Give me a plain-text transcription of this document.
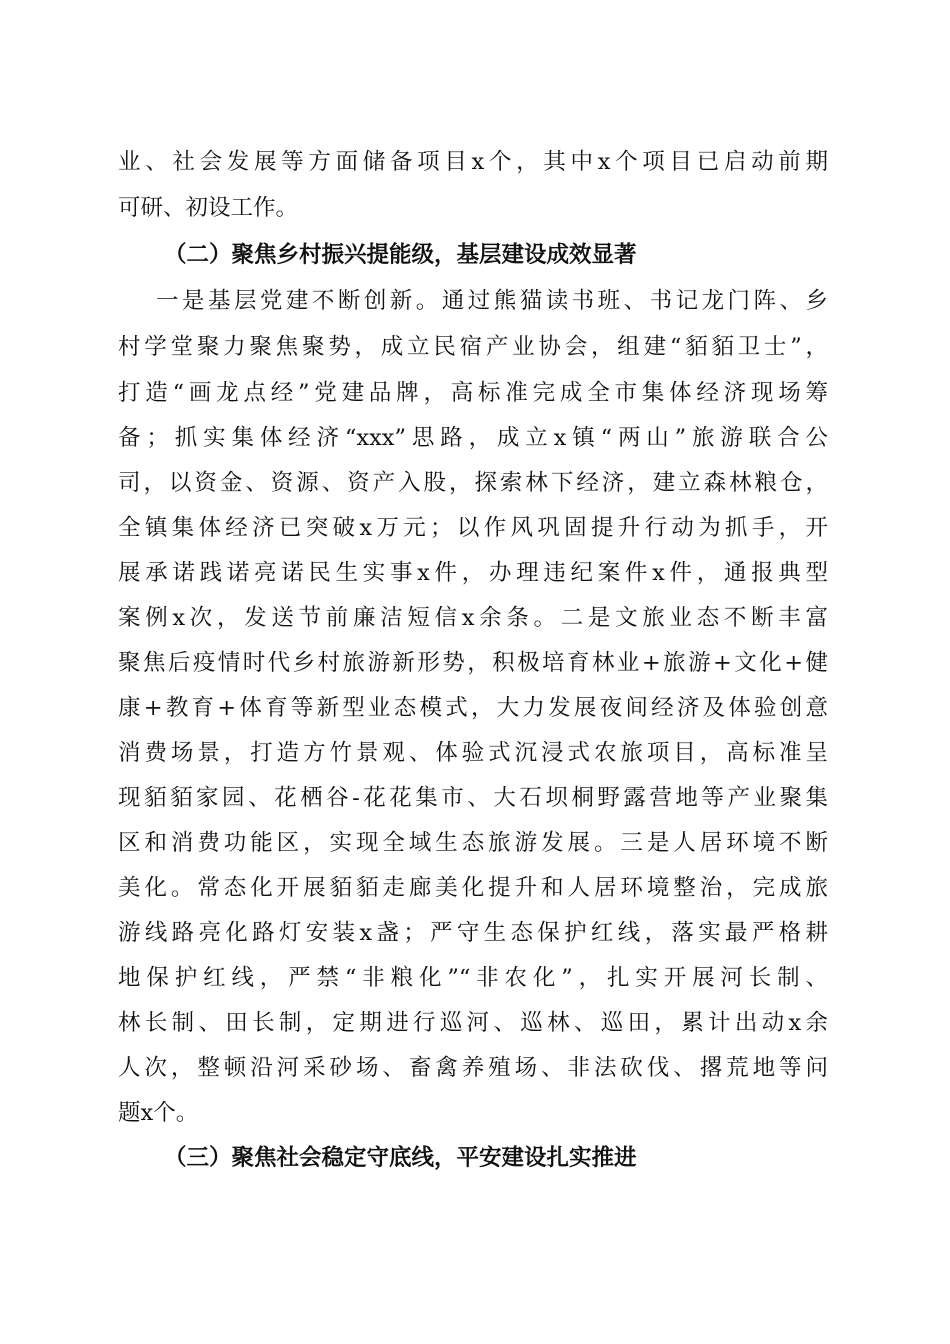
业、社会发展等方面储备项目x个，其中x个项目已启动前期
可研、初设工作。
（二）聚焦乡村振兴提能级，基层建设成效显著
一是基层党建不断创新。通过熊猫读书班、书记龙门阵、乡
村学堂聚力聚焦聚势，成立民宿产业协会，组建“貊貊卫士”，
打造“画龙点经”党建品牌，高标准完成全市集体经济现场筹
备；抓实集体经济“xxx”思路，成立x镇“两山”旅游联合公
司，以资金、资源、资产入股，探索林下经济，建立森林粮仓，
全镇集体经济已突破x万元；以作风巩固提升行动为抓手，开
展承诺践诺亮诺民生实事x件，办理违纪案件x件，通报典型
案例x次，发送节前廉洁短信x余条。二是文旅业态不断丰富
聚焦后疫情时代乡村旅游新形势，积极培育林业+旅游+文化+健
康+教育+体育等新型业态模式，大力发展夜间经济及体验创意
消费场景，打造方竹景观、体验式沉浸式农旅项目，高标准呈
现貊貊家园、花栖谷-花花集市、大石坝桐野露营地等产业聚集
区和消费功能区，实现全域生态旅游发展。三是人居环境不断
美化。常态化开展貊貊走廊美化提升和人居环境整治，完成旅
游线路亮化路灯安装x盏；严守生态保护红线，落实最严格耕
地保护红线，严禁“非粮化”“非农化”，扎实开展河长制、
林长制、田长制，定期进行巡河、巡林、巡田，累计出动x余
人次，整顿沿河采砂场、畜禽养殖场、非法砍伐、撂荒地等问
题x个。
（三）聚焦社会稳定守底线，平安建设扎实推进
